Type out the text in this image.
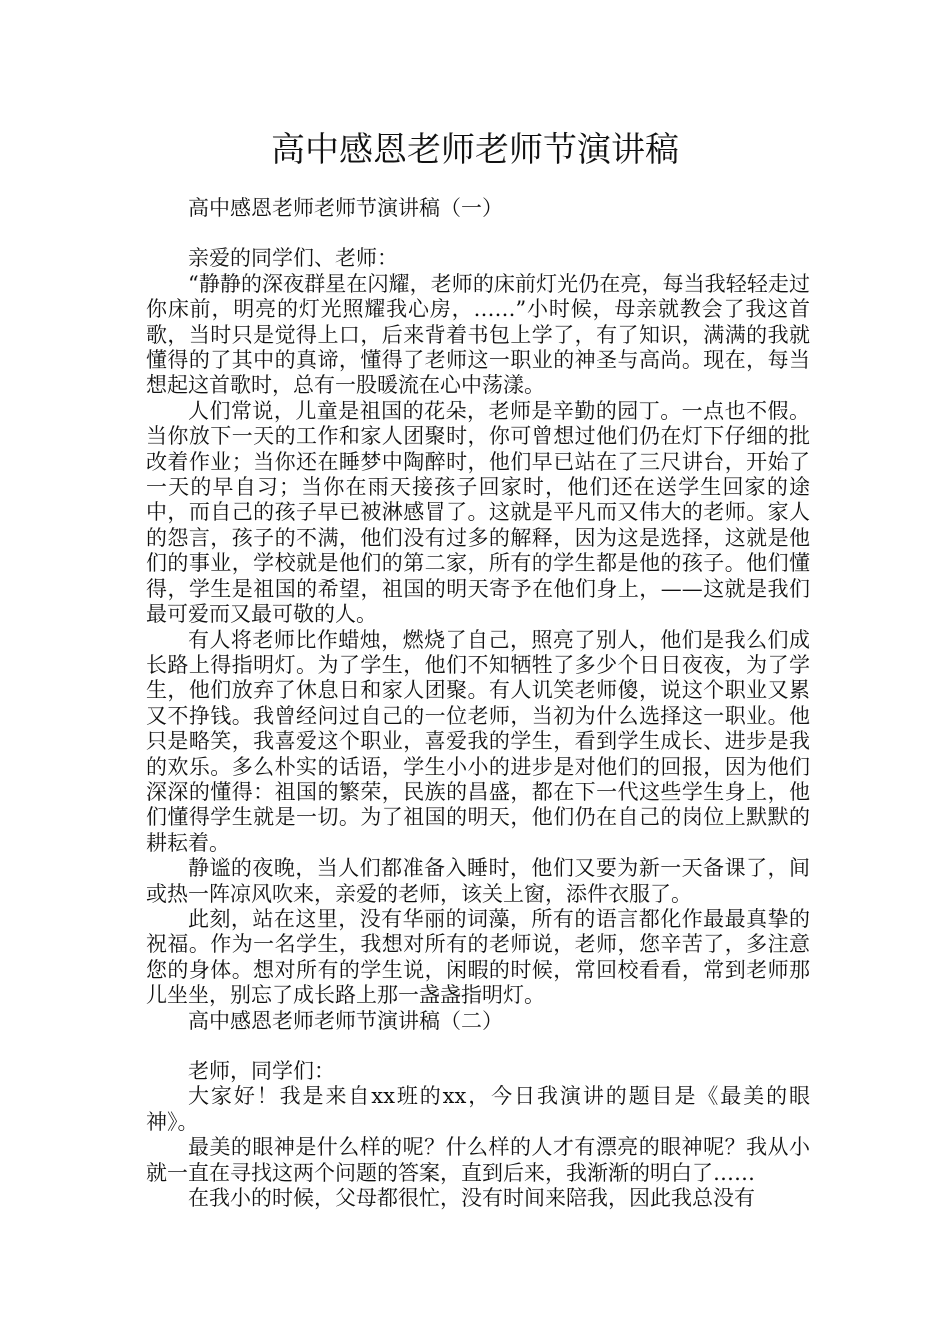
高中感恩老师老师节演讲稿

高中感恩老师老师节演讲稿（一）

亲爱的同学们、老师：

“静静的深夜群星在闪耀，老师的床前灯光仍在亮，每当我轻轻走过你床前，明亮的灯光照耀我心房，……”小时候，母亲就教会了我这首歌，当时只是觉得上口，后来背着书包上学了，有了知识，满满的我就懂得的了其中的真谛，懂得了老师这一职业的神圣与高尚。现在，每当想起这首歌时，总有一股暖流在心中荡漾。

人们常说，儿童是祖国的花朵，老师是辛勤的园丁。一点也不假。当你放下一天的工作和家人团聚时，你可曾想过他们仍在灯下仔细的批改着作业；当你还在睡梦中陶醉时，他们早已站在了三尺讲台，开始了一天的早自习；当你在雨天接孩子回家时，他们还在送学生回家的途中，而自己的孩子早已被淋感冒了。这就是平凡而又伟大的老师。家人的怨言，孩子的不满，他们没有过多的解释，因为这是选择，这就是他们的事业，学校就是他们的第二家，所有的学生都是他的孩子。他们懂得，学生是祖国的希望，祖国的明天寄予在他们身上，——这就是我们最可爱而又最可敬的人。

有人将老师比作蜡烛，燃烧了自己，照亮了别人，他们是我么们成长路上得指明灯。为了学生，他们不知牺牲了多少个日日夜夜，为了学生，他们放弃了休息日和家人团聚。有人讥笑老师傻，说这个职业又累又不挣钱。我曾经问过自己的一位老师，当初为什么选择这一职业。他只是略笑，我喜爱这个职业，喜爱我的学生，看到学生成长、进步是我的欢乐。多么朴实的话语，学生小小的进步是对他们的回报，因为他们深深的懂得：祖国的繁荣，民族的昌盛，都在下一代这些学生身上，他们懂得学生就是一切。为了祖国的明天，他们仍在自己的岗位上默默的耕耘着。

静谧的夜晚，当人们都准备入睡时，他们又要为新一天备课了，间或热一阵凉风吹来，亲爱的老师，该关上窗，添件衣服了。

此刻，站在这里，没有华丽的词藻，所有的语言都化作最最真挚的祝福。作为一名学生，我想对所有的老师说，老师，您辛苦了，多注意您的身体。想对所有的学生说，闲暇的时候，常回校看看，常到老师那儿坐坐，别忘了成长路上那一盏盏指明灯。

高中感恩老师老师节演讲稿（二）

老师，同学们：

大家好！我是来自xx班的xx，今日我演讲的题目是《最美的眼神》。

最美的眼神是什么样的呢？什么样的人才有漂亮的眼神呢？我从小就一直在寻找这两个问题的答案，直到后来，我渐渐的明白了……

在我小的时候，父母都很忙，没有时间来陪我，因此我总没有
